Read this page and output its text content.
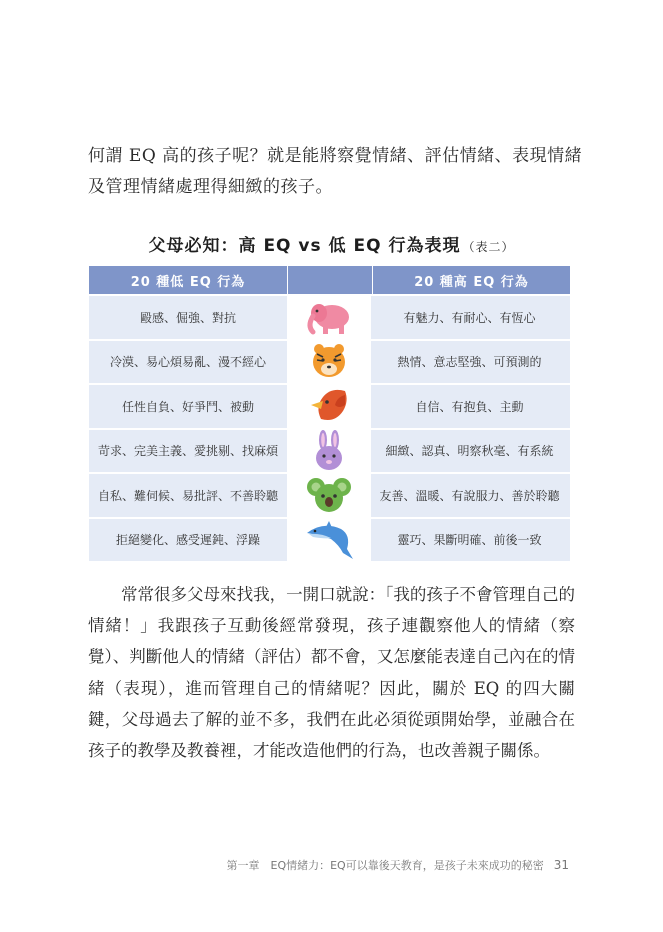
何謂 EQ 高的孩子呢？就是能將察覺情緒、評估情緒、表現情緒及管理情緒處理得細緻的孩子。

父母必知：高 EQ vs 低 EQ 行為表現 （表二）
20 種低 EQ 行為	20 種高 EQ 行為
毆感、倔強、對抗	有魅力、有耐心、有恆心
冷漠、易心煩易亂、漫不經心	熱情、意志堅強、可預測的
任性自負、好爭鬥、被動	自信、有抱負、主動
苛求、完美主義、愛挑剔、找麻煩	細緻、認真、明察秋毫、有系統
自私、難伺候、易批評、不善聆聽	友善、溫暖、有說服力、善於聆聽
拒絕變化、感受遲鈍、浮躁	靈巧、果斷明確、前後一致

常常很多父母來找我，一開口就說：「我的孩子不會管理自己的情緒！」我跟孩子互動後經常發現，孩子連觀察他人的情緒（察覺）、判斷他人的情緒（評估）都不會，又怎麼能表達自己內在的情緒（表現），進而管理自己的情緒呢？因此，關於 EQ 的四大關鍵，父母過去了解的並不多，我們在此必須從頭開始學，並融合在孩子的教學及教養裡，才能改造他們的行為，也改善親子關係。

第一章　EQ情緒力：EQ可以靠後天教育，是孩子未來成功的秘密 31
